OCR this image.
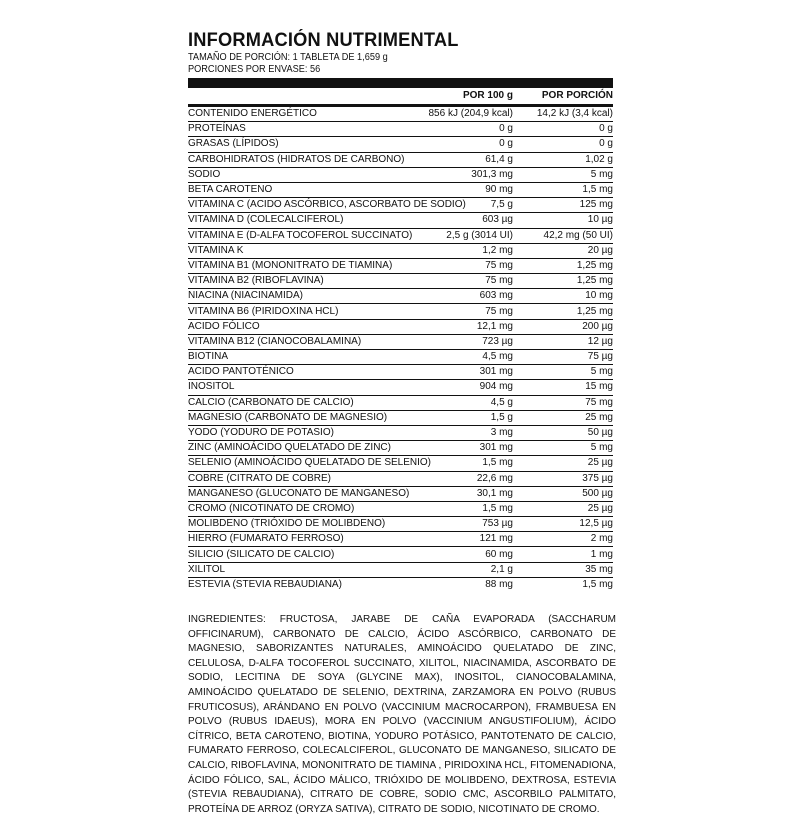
INFORMACIÓN NUTRIMENTAL
TAMAÑO DE PORCIÓN: 1 TABLETA DE 1,659 g
PORCIONES POR ENVASE: 56
	POR 100 g	POR PORCIÓN
CONTENIDO ENERGÉTICO	856 kJ (204,9 kcal)	14,2 kJ (3,4 kcal)
PROTEÍNAS	0 g	0 g
GRASAS (LÍPIDOS)	0 g	0 g
CARBOHIDRATOS (HIDRATOS DE CARBONO)	61,4 g	1,02 g
SODIO	301,3 mg	5 mg
BETA CAROTENO	90 mg	1,5 mg
VITAMINA C (ACIDO ASCÓRBICO, ASCORBATO DE SODIO)	7,5 g	125 mg
VITAMINA D (COLECALCIFEROL)	603 µg	10 µg
VITAMINA E (D-ALFA TOCOFEROL SUCCINATO)	2,5 g (3014 UI)	42,2 mg (50 UI)
VITAMINA K	1,2 mg	20 µg
VITAMINA B1 (MONONITRATO DE TIAMINA)	75 mg	1,25 mg
VITAMINA B2 (RIBOFLAVINA)	75 mg	1,25 mg
NIACINA (NIACINAMIDA)	603 mg	10 mg
VITAMINA B6 (PIRIDOXINA HCL)	75 mg	1,25 mg
ACIDO FÓLICO	12,1 mg	200 µg
VITAMINA B12 (CIANOCOBALAMINA)	723 µg	12 µg
BIOTINA	4,5 mg	75 µg
ACIDO PANTOTÉNICO	301 mg	5 mg
INOSITOL	904 mg	15 mg
CALCIO (CARBONATO DE CALCIO)	4,5 g	75 mg
MAGNESIO (CARBONATO DE MAGNESIO)	1,5 g	25 mg
YODO (YODURO DE POTASIO)	3 mg	50 µg
ZINC (AMINOÁCIDO QUELATADO DE ZINC)	301 mg	5 mg
SELENIO (AMINOÁCIDO QUELATADO DE SELENIO)	1,5 mg	25 µg
COBRE (CITRATO DE COBRE)	22,6 mg	375 µg
MANGANESO (GLUCONATO DE MANGANESO)	30,1 mg	500 µg
CROMO (NICOTINATO DE CROMO)	1,5 mg	25 µg
MOLIBDENO (TRIÓXIDO DE MOLIBDENO)	753 µg	12,5 µg
HIERRO (FUMARATO FERROSO)	121 mg	2 mg
SILICIO (SILICATO DE CALCIO)	60 mg	1 mg
XILITOL	2,1 g	35 mg
ESTEVIA (STEVIA REBAUDIANA)	88 mg	1,5 mg
INGREDIENTES: FRUCTOSA, JARABE DE CAÑA EVAPORADA (SACCHARUM OFFICINARUM), CARBONATO DE CALCIO, ÁCIDO ASCÓRBICO, CARBONATO DE MAGNESIO, SABORIZANTES NATURALES, AMINOÁCIDO QUELATADO DE ZINC, CELULOSA, D-ALFA TOCOFEROL SUCCINATO, XILITOL, NIACINAMIDA, ASCORBATO DE SODIO, LECITINA DE SOYA (GLYCINE MAX), INOSITOL, CIANOCOBALAMINA, AMINOÁCIDO QUELATADO DE SELENIO, DEXTRINA, ZARZAMORA EN POLVO (RUBUS FRUTICOSUS), ARÁNDANO EN POLVO (VACCINIUM MACROCARPON), FRAMBUESA EN POLVO (RUBUS IDAEUS), MORA EN POLVO (VACCINIUM ANGUSTIFOLIUM), ÁCIDO CÍTRICO, BETA CAROTENO, BIOTINA, YODURO POTÁSICO, PANTOTENATO DE CALCIO, FUMARATO FERROSO, COLECALCIFEROL, GLUCONATO DE MANGANESO, SILICATO DE CALCIO, RIBOFLAVINA, MONONITRATO DE TIAMINA , PIRIDOXINA HCL, FITOMENADIONA, ÁCIDO FÓLICO, SAL, ÁCIDO MÁLICO, TRIÓXIDO DE MOLIBDENO, DEXTROSA, ESTEVIA (STEVIA REBAUDIANA), CITRATO DE COBRE, SODIO CMC, ASCORBILO PALMITATO, PROTEÍNA DE ARROZ (ORYZA SATIVA), CITRATO DE SODIO, NICOTINATO DE CROMO.
